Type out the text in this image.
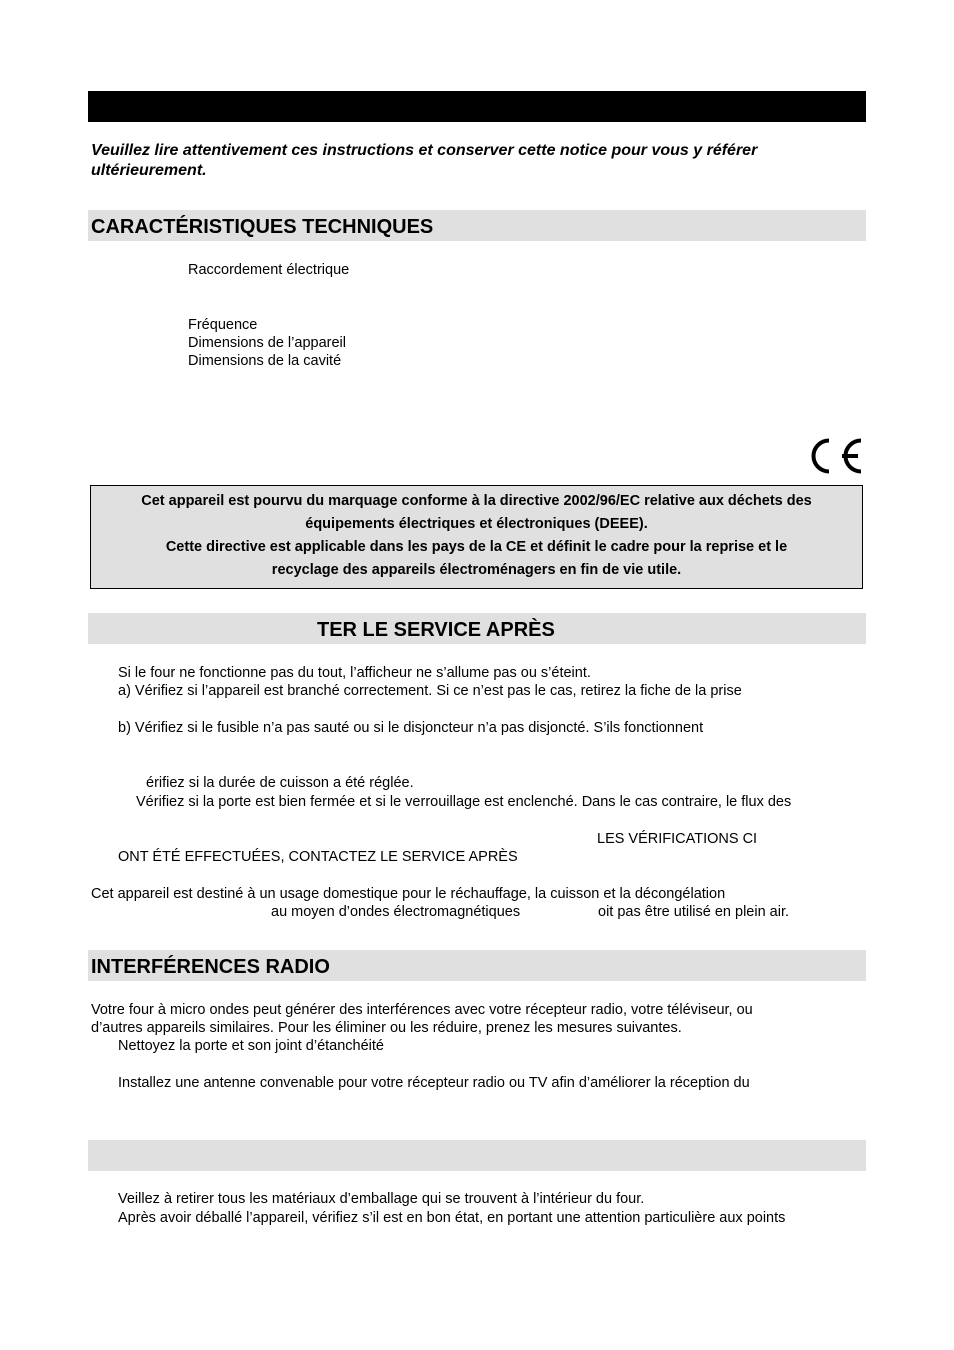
Veuillez lire attentivement ces instructions et conserver cette notice pour vous y référer
ultérieurement.
CARACTÉRISTIQUES TECHNIQUES
Raccordement électrique
Fréquence
Dimensions de l’appareil
Dimensions de la cavité
Cet appareil est pourvu du marquage conforme à la directive 2002/96/EC relative aux déchets des
équipements électriques et électroniques (DEEE).
Cette directive est applicable dans les pays de la CE et définit le cadre pour la reprise et le
recyclage des appareils électroménagers en fin de vie utile.
TER LE SERVICE APRÈS
Si le four ne fonctionne pas du tout, l’afficheur ne s’allume pas ou s’éteint.
a) Vérifiez si l’appareil est branché correctement. Si ce n’est pas le cas, retirez la fiche de la prise
b) Vérifiez si le fusible n’a pas sauté ou si le disjoncteur n’a pas disjoncté. S’ils fonctionnent
érifiez si la durée de cuisson a été réglée.
Vérifiez si la porte est bien fermée et si le verrouillage est enclenché. Dans le cas contraire, le flux des
LES VÉRIFICATIONS CI
ONT ÉTÉ EFFECTUÉES, CONTACTEZ LE SERVICE APRÈS
Cet appareil est destiné à un usage domestique pour le réchauffage, la cuisson et la décongélation
au moyen d’ondes électromagnétiques	oit pas être utilisé en plein air.
INTERFÉRENCES RADIO
Votre four à micro ondes peut générer des interférences avec votre récepteur radio, votre téléviseur, ou
d’autres appareils similaires. Pour les éliminer ou les réduire, prenez les mesures suivantes.
Nettoyez la porte et son joint d’étanchéité
Installez une antenne convenable pour votre récepteur radio ou TV afin d’améliorer la réception du
Veillez à retirer tous les matériaux d’emballage qui se trouvent à l’intérieur du four.
Après avoir déballé l’appareil, vérifiez s’il est en bon état, en portant une attention particulière aux points
